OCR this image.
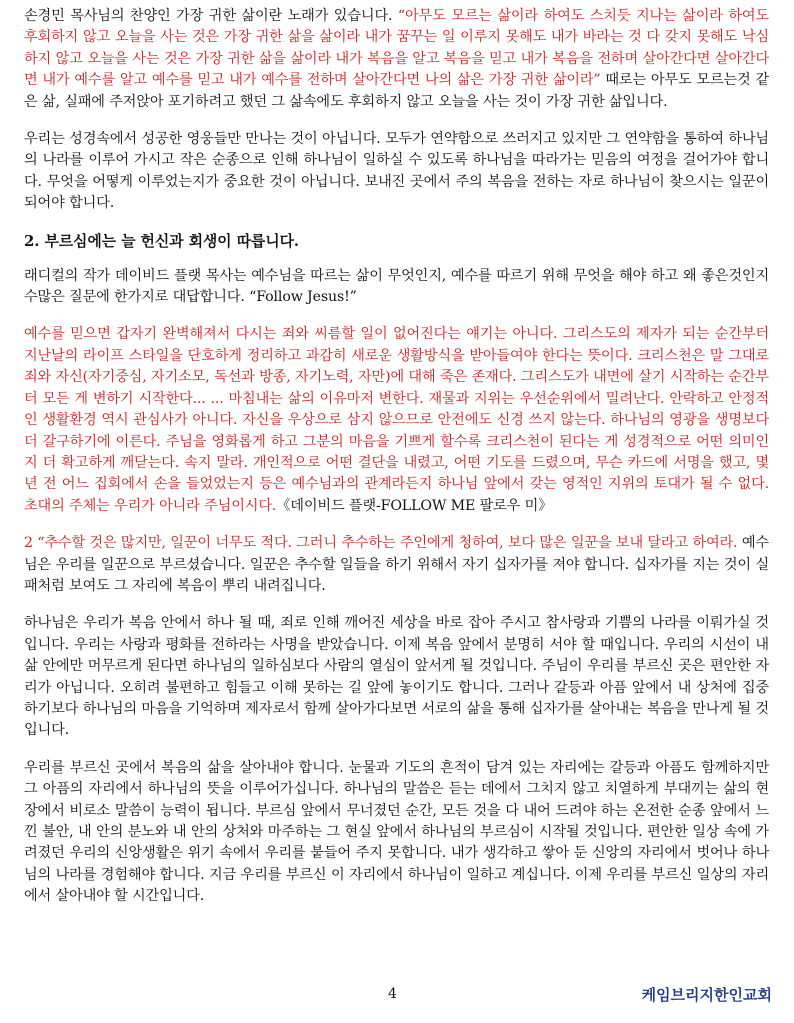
손경민 목사님의 찬양인 가장 귀한 삶이란 노래가 있습니다. “아무도 모르는 삶이라 하여도 스치듯 지나는 삶이라 하여도 후회하지 않고 오늘을 사는 것은 가장 귀한 삶을 삶이라 내가 꿈꾸는 일 이루지 못해도 내가 바라는 것 다 갖지 못해도 낙심하지 않고 오늘을 사는 것은 가장 귀한 삶을 삶이라 내가 복음을 알고 복음을 믿고 내가 복음을 전하며 살아간다면 살아간다면 내가 예수를 알고 예수를 믿고 내가 예수를 전하며 살아간다면 나의 삶은 가장 귀한 삶이라” 때로는 아무도 모르는것 같은 삶, 실패에 주저앉아 포기하려고 했던 그 삶속에도 후회하지 않고 오늘을 사는 것이 가장 귀한 삶입니다.

우리는 성경속에서 성공한 영웅들만 만나는 것이 아닙니다. 모두가 연약함으로 쓰러지고 있지만 그 연약함을 통하여 하나님의 나라를 이루어 가시고 작은 순종으로 인해 하나님이 일하실 수 있도록 하나님을 따라가는 믿음의 여정을 걸어가야 합니다. 무엇을 어떻게 이루었는지가 중요한 것이 아닙니다. 보내진 곳에서 주의 복음을 전하는 자로 하나님이 찾으시는 일꾼이 되어야 합니다.

2. 부르심에는 늘 헌신과 회생이 따릅니다.

래디컬의 작가 데이비드 플랫 목사는 예수님을 따르는 삶이 무엇인지, 예수를 따르기 위해 무엇을 해야 하고 왜 좋은것인지 수많은 질문에 한가지로 대답합니다. “Follow Jesus!”

예수를 믿으면 갑자기 완벽해져서 다시는 죄와 씨름할 일이 없어진다는 얘기는 아니다. 그리스도의 제자가 되는 순간부터 지난날의 라이프 스타일을 단호하게 정리하고 과감히 새로운 생활방식을 받아들여야 한다는 뜻이다. 크리스천은 말 그대로 죄와 자신(자기중심, 자기소모, 독선과 방종, 자기노력, 자만)에 대해 죽은 존재다. 그리스도가 내면에 살기 시작하는 순간부터 모든 게 변하기 시작한다... ... 마침내는 삶의 이유마저 변한다. 재물과 지위는 우선순위에서 밀려난다. 안락하고 안정적인 생활환경 역시 관심사가 아니다. 자신을 우상으로 삼지 않으므로 안전에도 신경 쓰지 않는다. 하나님의 영광을 생명보다 더 갈구하기에 이른다. 주님을 영화롭게 하고 그분의 마음을 기쁘게 할수록 크리스천이 된다는 게 성경적으로 어떤 의미인지 더 확고하게 깨닫는다. 속지 말라. 개인적으로 어떤 결단을 내렸고, 어떤 기도를 드렸으며, 무슨 카드에 서명을 했고, 몇 년 전 어느 집회에서 손을 들었었는지 등은 예수님과의 관계라든지 하나님 앞에서 갖는 영적인 지위의 토대가 될 수 없다. 초대의 주체는 우리가 아니라 주님이시다.《데이비드 플랫-FOLLOW ME 팔로우 미》

2 “추수할 것은 많지만, 일꾼이 너무도 적다. 그러니 추수하는 주인에게 청하여, 보다 많은 일꾼을 보내 달라고 하여라. 예수님은 우리를 일꾼으로 부르셨습니다. 일꾼은 추수할 일들을 하기 위해서 자기 십자가를 져야 합니다. 십자가를 지는 것이 실패처럼 보여도 그 자리에 복음이 뿌리 내려집니다.

하나님은 우리가 복음 안에서 하나 될 때, 죄로 인해 깨어진 세상을 바로 잡아 주시고 참사랑과 기쁨의 나라를 이뤄가실 것입니다. 우리는 사랑과 평화를 전하라는 사명을 받았습니다. 이제 복음 앞에서 분명히 서야 할 때입니다. 우리의 시선이 내 삶 안에만 머무르게 된다면 하나님의 일하심보다 사람의 열심이 앞서게 될 것입니다. 주님이 우리를 부르신 곳은 편안한 자리가 아닙니다. 오히려 불편하고 힘들고 이해 못하는 길 앞에 놓이기도 합니다. 그러나 갈등과 아픔 앞에서 내 상처에 집중하기보다 하나님의 마음을 기억하며 제자로서 함께 살아가다보면 서로의 삶을 통해 십자가를 살아내는 복음을 만나게 될 것입니다.

우리를 부르신 곳에서 복음의 삶을 살아내야 합니다. 눈물과 기도의 흔적이 담겨 있는 자리에는 갈등과 아픔도 함께하지만 그 아픔의 자리에서 하나님의 뜻을 이루어가십니다. 하나님의 말씀은 듣는 데에서 그치지 않고 치열하게 부대끼는 삶의 현장에서 비로소 말씀이 능력이 됩니다. 부르심 앞에서 무너졌던 순간, 모든 것을 다 내어 드려야 하는 온전한 순종 앞에서 느낀 불안, 내 안의 분노와 내 안의 상처와 마주하는 그 현실 앞에서 하나님의 부르심이 시작될 것입니다. 편안한 일상 속에 가려졌던 우리의 신앙생활은 위기 속에서 우리를 붙들어 주지 못합니다. 내가 생각하고 쌓아 둔 신앙의 자리에서 벗어나 하나님의 나라를 경험해야 합니다. 지금 우리를 부르신 이 자리에서 하나님이 일하고 계십니다. 이제 우리를 부르신 일상의 자리에서 살아내야 할 시간입니다.

4	케임브리지한인교회
